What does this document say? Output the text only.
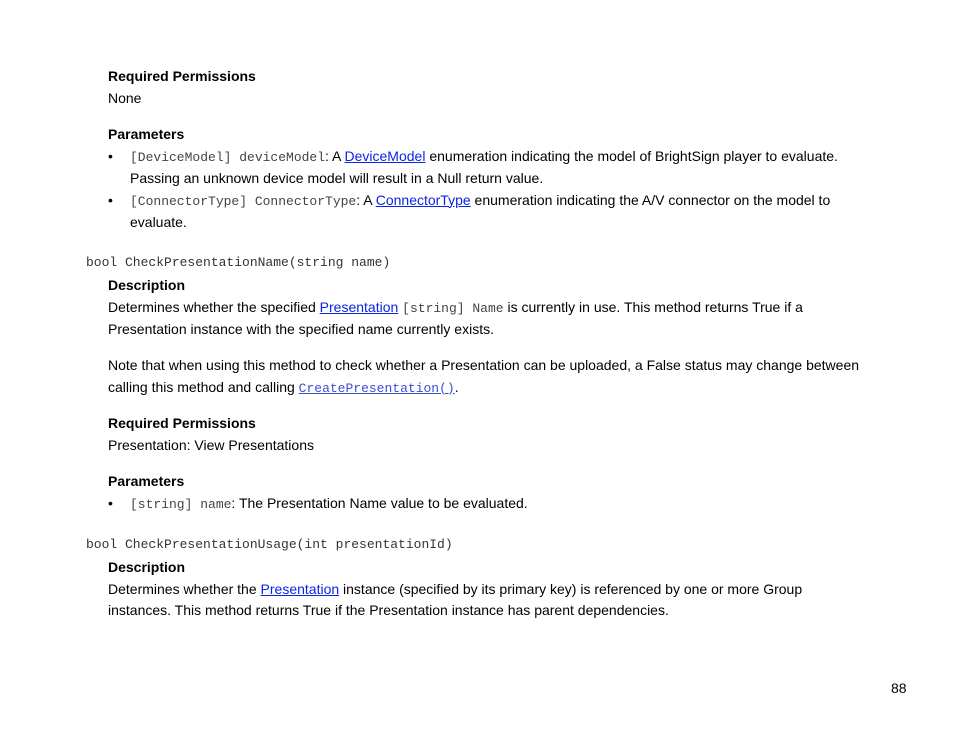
Required Permissions
None
Parameters
• [DeviceModel] deviceModel: A DeviceModel enumeration indicating the model of BrightSign player to evaluate. Passing an unknown device model will result in a Null return value.
• [ConnectorType] ConnectorType: A ConnectorType enumeration indicating the A/V connector on the model to evaluate.
bool CheckPresentationName(string name)
Description
Determines whether the specified Presentation [string] Name is currently in use. This method returns True if a Presentation instance with the specified name currently exists.
Note that when using this method to check whether a Presentation can be uploaded, a False status may change between calling this method and calling CreatePresentation().
Required Permissions
Presentation: View Presentations
Parameters
• [string] name: The Presentation Name value to be evaluated.
bool CheckPresentationUsage(int presentationId)
Description
Determines whether the Presentation instance (specified by its primary key) is referenced by one or more Group instances. This method returns True if the Presentation instance has parent dependencies.
88
